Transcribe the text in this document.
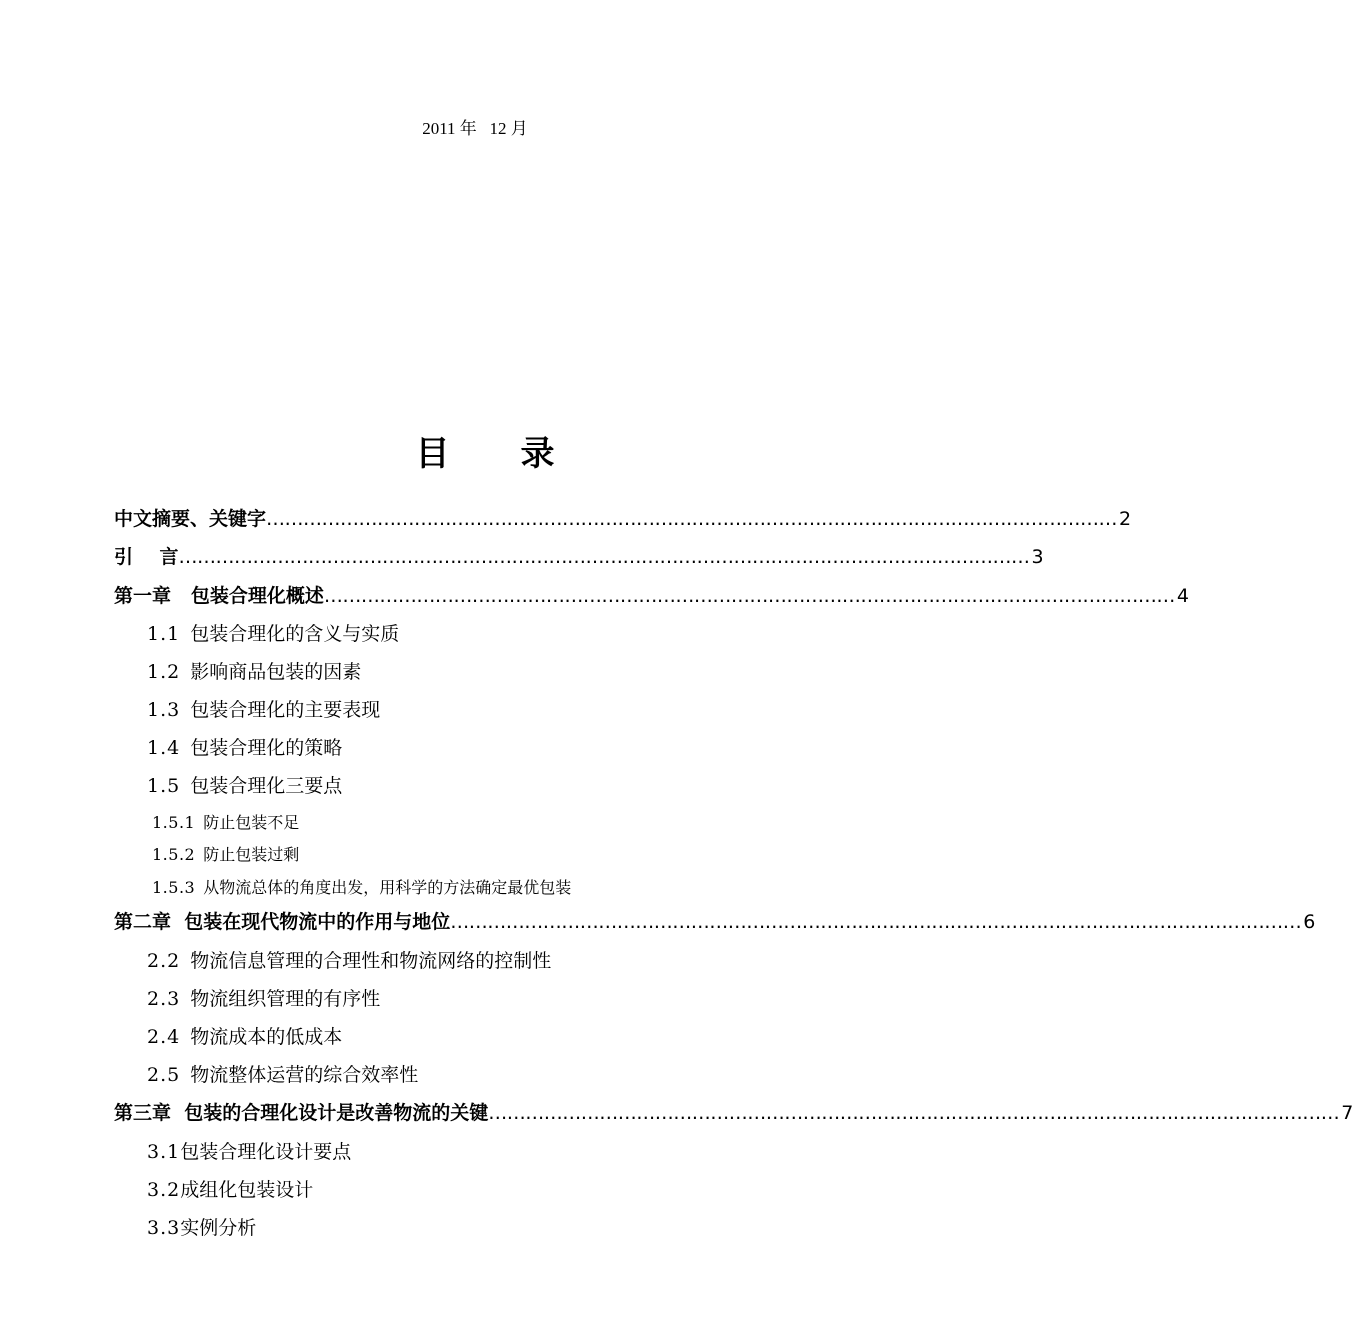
2011 年   12 月
目      录
中文摘要、关键字 ………………………………………………………………………………………………………………………… 2
引    言 ………………………………………………………………………………………………………………………… 3
第一章   包装合理化概述 ………………………………………………………………………………………………………………………… 4
1.1 包装合理化的含义与实质
1.2 影响商品包装的因素
1.3 包装合理化的主要表现
1.4 包装合理化的策略
1.5 包装合理化三要点
1.5.1 防止包装不足
1.5.2 防止包装过剩
1.5.3 从物流总体的角度出发，用科学的方法确定最优包装
第二章  包装在现代物流中的作用与地位 ………………………………………………………………………………………………………………………… 6
2.2 物流信息管理的合理性和物流网络的控制性
2.3 物流组织管理的有序性
2.4 物流成本的低成本
2.5 物流整体运营的综合效率性
第三章  包装的合理化设计是改善物流的关键 ………………………………………………………………………………………………………………………… 7
3.1 包装合理化设计要点
3.2 成组化包装设计
3.3 实例分析
